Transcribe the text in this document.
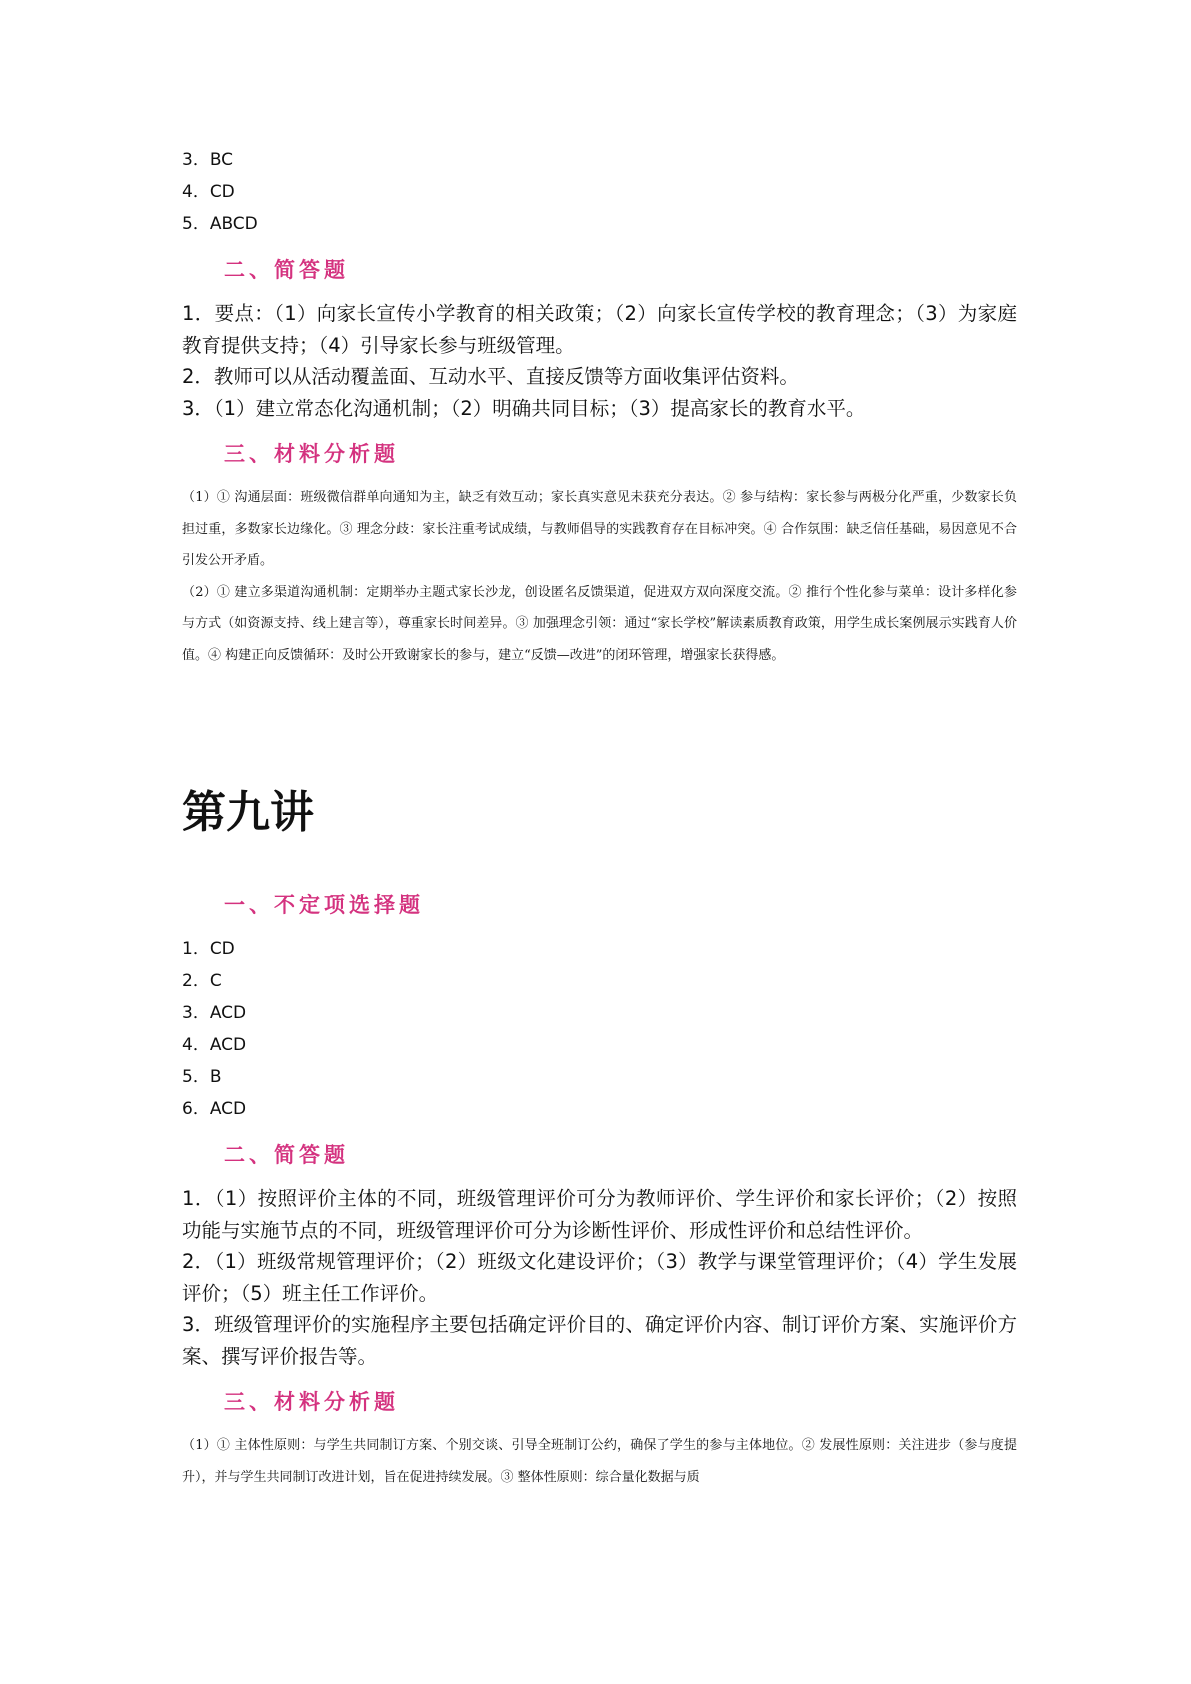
3．BC

4．CD

5．ABCD

二、简答题

1．要点：（1）向家长宣传小学教育的相关政策；（2）向家长宣传学校的教育理念；（3）为家庭教育提供支持；（4）引导家长参与班级管理。

2．教师可以从活动覆盖面、互动水平、直接反馈等方面收集评估资料。

3．（1）建立常态化沟通机制；（2）明确共同目标；（3）提高家长的教育水平。

三、材料分析题

（1）① 沟通层面：班级微信群单向通知为主，缺乏有效互动；家长真实意见未获充分表达。② 参与结构：家长参与两极分化严重，少数家长负担过重，多数家长边缘化。③ 理念分歧：家长注重考试成绩，与教师倡导的实践教育存在目标冲突。④ 合作氛围：缺乏信任基础，易因意见不合引发公开矛盾。

（2）① 建立多渠道沟通机制：定期举办主题式家长沙龙，创设匿名反馈渠道，促进双方双向深度交流。② 推行个性化参与菜单：设计多样化参与方式（如资源支持、线上建言等），尊重家长时间差异。③ 加强理念引领：通过“家长学校”解读素质教育政策，用学生成长案例展示实践育人价值。④ 构建正向反馈循环：及时公开致谢家长的参与，建立“反馈—改进”的闭环管理，增强家长获得感。

第九讲
一、不定项选择题

1．CD

2．C

3．ACD

4．ACD

5．B

6．ACD

二、简答题

1．（1）按照评价主体的不同，班级管理评价可分为教师评价、学生评价和家长评价；（2）按照功能与实施节点的不同，班级管理评价可分为诊断性评价、形成性评价和总结性评价。

2．（1）班级常规管理评价；（2）班级文化建设评价；（3）教学与课堂管理评价；（4）学生发展评价；（5）班主任工作评价。

3．班级管理评价的实施程序主要包括确定评价目的、确定评价内容、制订评价方案、实施评价方案、撰写评价报告等。

三、材料分析题

（1）① 主体性原则：与学生共同制订方案、个别交谈、引导全班制订公约，确保了学生的参与主体地位。② 发展性原则：关注进步（参与度提升），并与学生共同制订改进计划，旨在促进持续发展。③ 整体性原则：综合量化数据与质
